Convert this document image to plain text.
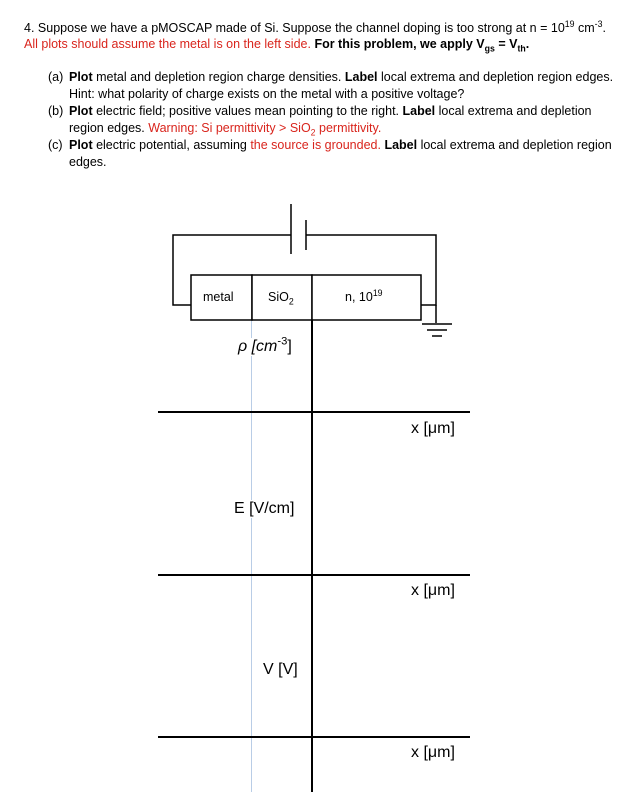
4. Suppose we have a pMOSCAP made of Si. Suppose the channel doping is too strong at $n = 10^{19}$ $cm^{-3}$.
All plots should assume the metal is on the left side. For this problem, we apply $V_{gs} = V_{th}$.
(a) Plot metal and depletion region charge densities. Label local extrema and depletion region edges. Hint: what polarity of charge exists on the metal with a positive voltage?
(b) Plot electric field; positive values mean pointing to the right. Label local extrema and depletion region edges. Warning: Si permittivity > SiO$_2$ permittivity.
(c) Plot electric potential, assuming the source is grounded. Label local extrema and depletion region edges.
metal	SiO$_2$	n, $10^{19}$
ρ $[cm^{-3}]$
x [μm]
E [V/cm]
x [μm]
V [V]
x [μm]
